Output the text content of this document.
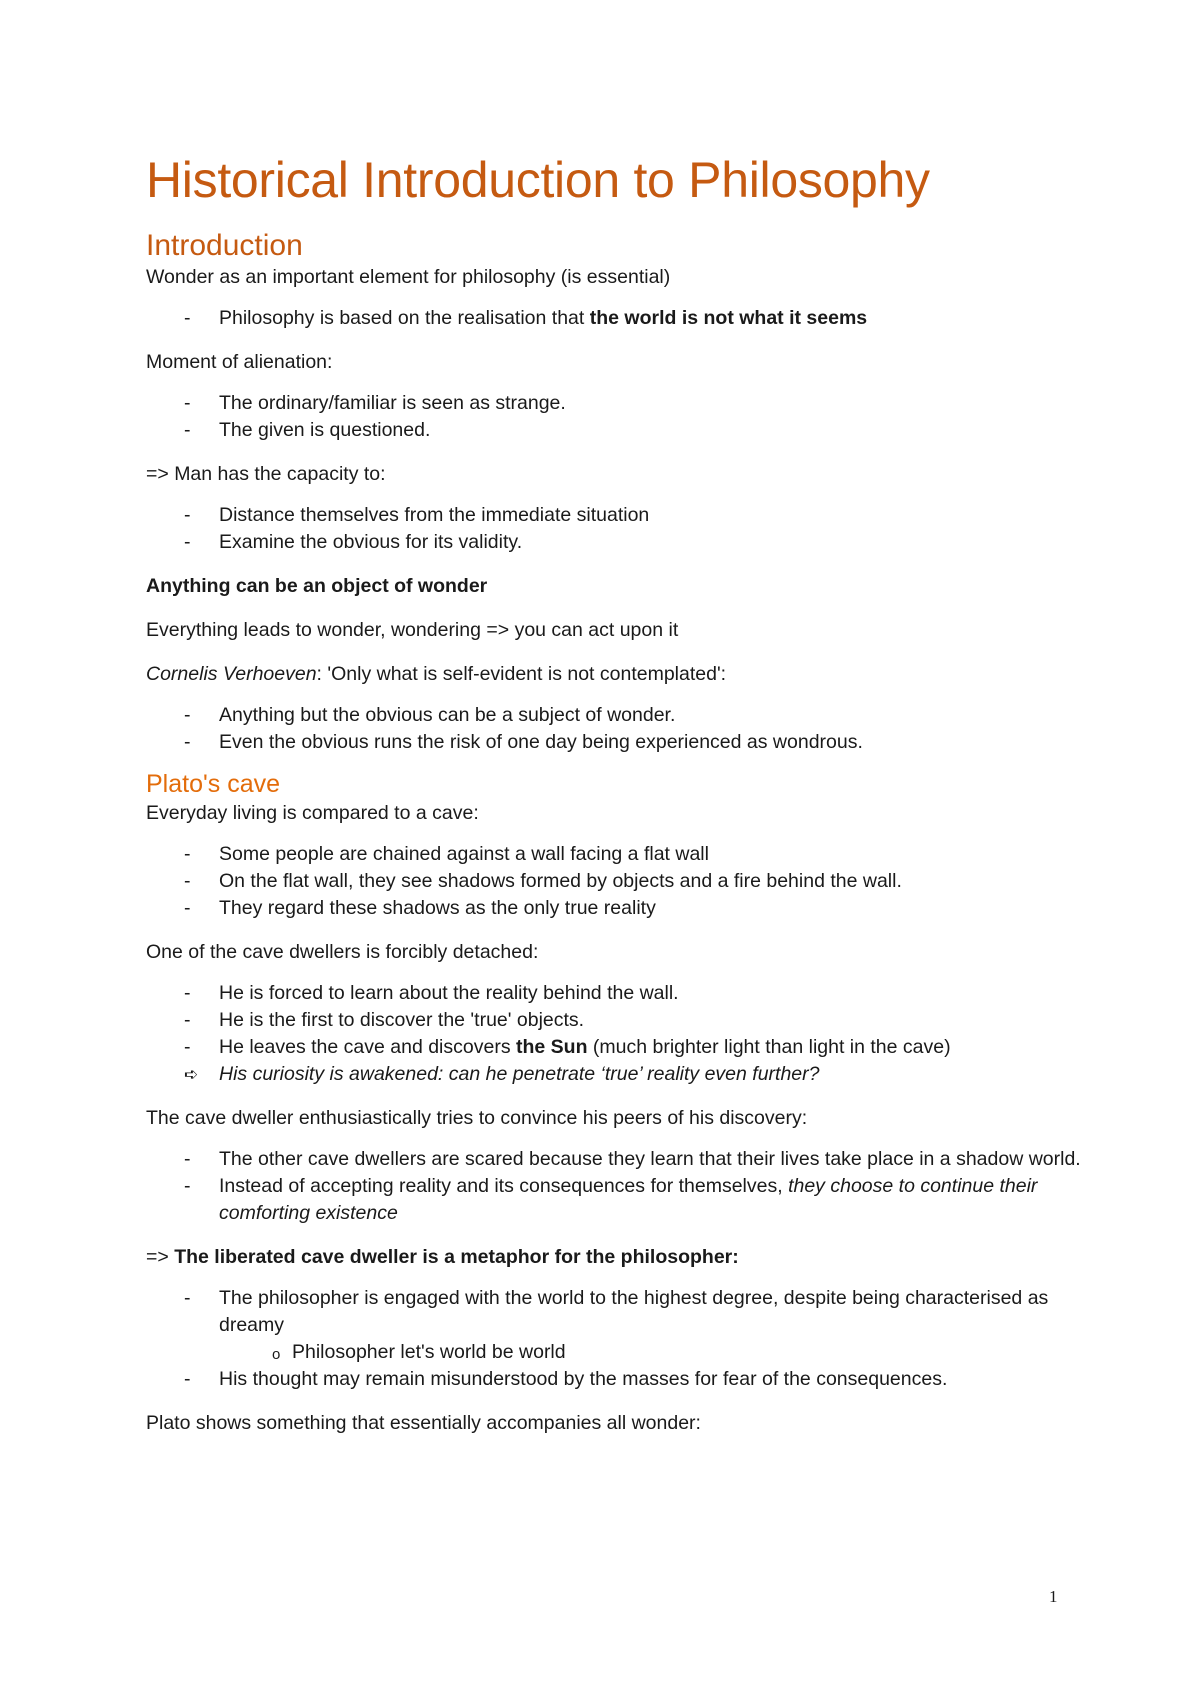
Historical Introduction to Philosophy
Introduction

Wonder as an important element for philosophy (is essential)

- Philosophy is based on the realisation that the world is not what it seems

Moment of alienation:

- The ordinary/familiar is seen as strange.
- The given is questioned.

=> Man has the capacity to:

- Distance themselves from the immediate situation
- Examine the obvious for its validity.

Anything can be an object of wonder

Everything leads to wonder, wondering => you can act upon it

Cornelis Verhoeven: 'Only what is self-evident is not contemplated':

- Anything but the obvious can be a subject of wonder.
- Even the obvious runs the risk of one day being experienced as wondrous.
Plato's cave

Everyday living is compared to a cave:

- Some people are chained against a wall facing a flat wall
- On the flat wall, they see shadows formed by objects and a fire behind the wall.
- They regard these shadows as the only true reality

One of the cave dwellers is forcibly detached:

- He is forced to learn about the reality behind the wall.
- He is the first to discover the 'true' objects.
- He leaves the cave and discovers the Sun (much brighter light than light in the cave)
➪ His curiosity is awakened: can he penetrate ‘true’ reality even further?

The cave dweller enthusiastically tries to convince his peers of his discovery:

- The other cave dwellers are scared because they learn that their lives take place in a shadow world.
- Instead of accepting reality and its consequences for themselves, they choose to continue their comforting existence

=> The liberated cave dweller is a metaphor for the philosopher:

- The philosopher is engaged with the world to the highest degree, despite being characterised as dreamy
o Philosopher let's world be world
- His thought may remain misunderstood by the masses for fear of the consequences.

Plato shows something that essentially accompanies all wonder:

1
